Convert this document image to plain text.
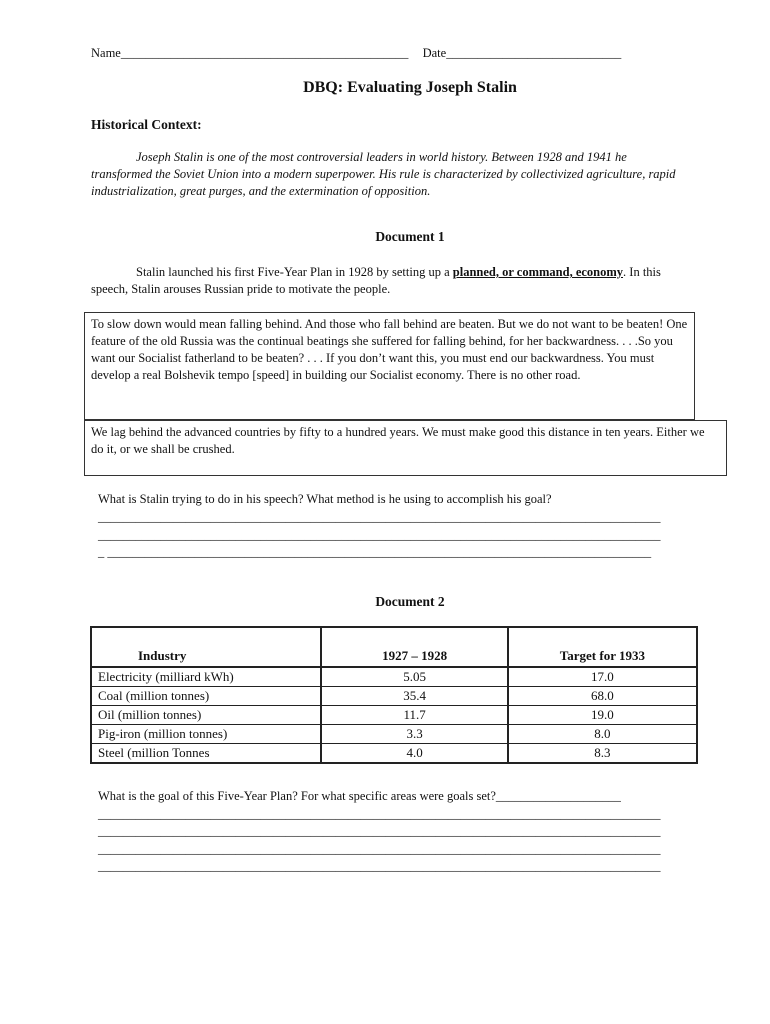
Name______________________________________________ Date____________________________
DBQ: Evaluating Joseph Stalin
Historical Context:
Joseph Stalin is one of the most controversial leaders in world history. Between 1928 and 1941 he transformed the Soviet Union into a modern superpower. His rule is characterized by collectivized agriculture, rapid industrialization, great purges, and the extermination of opposition.
Document 1
Stalin launched his first Five-Year Plan in 1928 by setting up a planned, or command, economy. In this speech, Stalin arouses Russian pride to motivate the people.
To slow down would mean falling behind. And those who fall behind are beaten. But we do not want to be beaten! One feature of the old Russia was the continual beatings she suffered for falling behind, for her backwardness. . . .So you want our Socialist fatherland to be beaten? . . . If you don’t want this, you must end our backwardness. You must develop a real Bolshevik tempo [speed] in building our Socialist economy. There is no other road.
We lag behind the advanced countries by fifty to a hundred years. We must make good this distance in ten years. Either we do it, or we shall be crushed.
What is Stalin trying to do in his speech? What method is he using to accomplish his goal?
__________________________________________________________________________________________
__________________________________________________________________________________________
_ _______________________________________________________________________________________
Document 2
Industry	1927 – 1928	Target for 1933
Electricity (milliard kWh)	5.05	17.0
Coal (million tonnes)	35.4	68.0
Oil (million tonnes)	11.7	19.0
Pig-iron (million tonnes)	3.3	8.0
Steel (million Tonnes	4.0	8.3
What is the goal of this Five-Year Plan? For what specific areas were goals set?____________________
__________________________________________________________________________________________
__________________________________________________________________________________________
__________________________________________________________________________________________
__________________________________________________________________________________________
